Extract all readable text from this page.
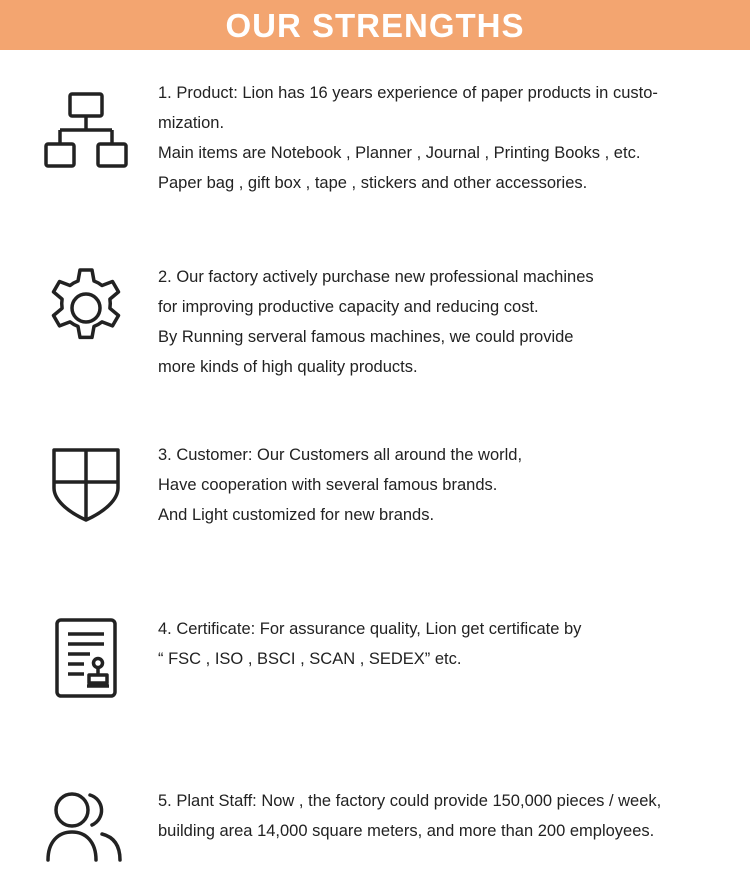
OUR STRENGTHS
1. Product: Lion has 16 years experience of paper products in custo-
mization.
Main items are Notebook , Planner , Journal , Printing Books , etc.
Paper bag , gift box , tape , stickers and other accessories.
2. Our factory actively purchase new professional machines
for improving productive capacity and reducing cost.
By Running serveral famous machines, we could provide
more kinds of high quality products.
3. Customer: Our Customers all around the world,
Have cooperation with several famous brands.
And Light customized for new brands.
4. Certificate: For assurance quality, Lion get certificate by
“ FSC , ISO , BSCI , SCAN , SEDEX” etc.
5. Plant Staff: Now , the factory could provide 150,000 pieces / week,
building area 14,000 square meters, and more than 200 employees.
